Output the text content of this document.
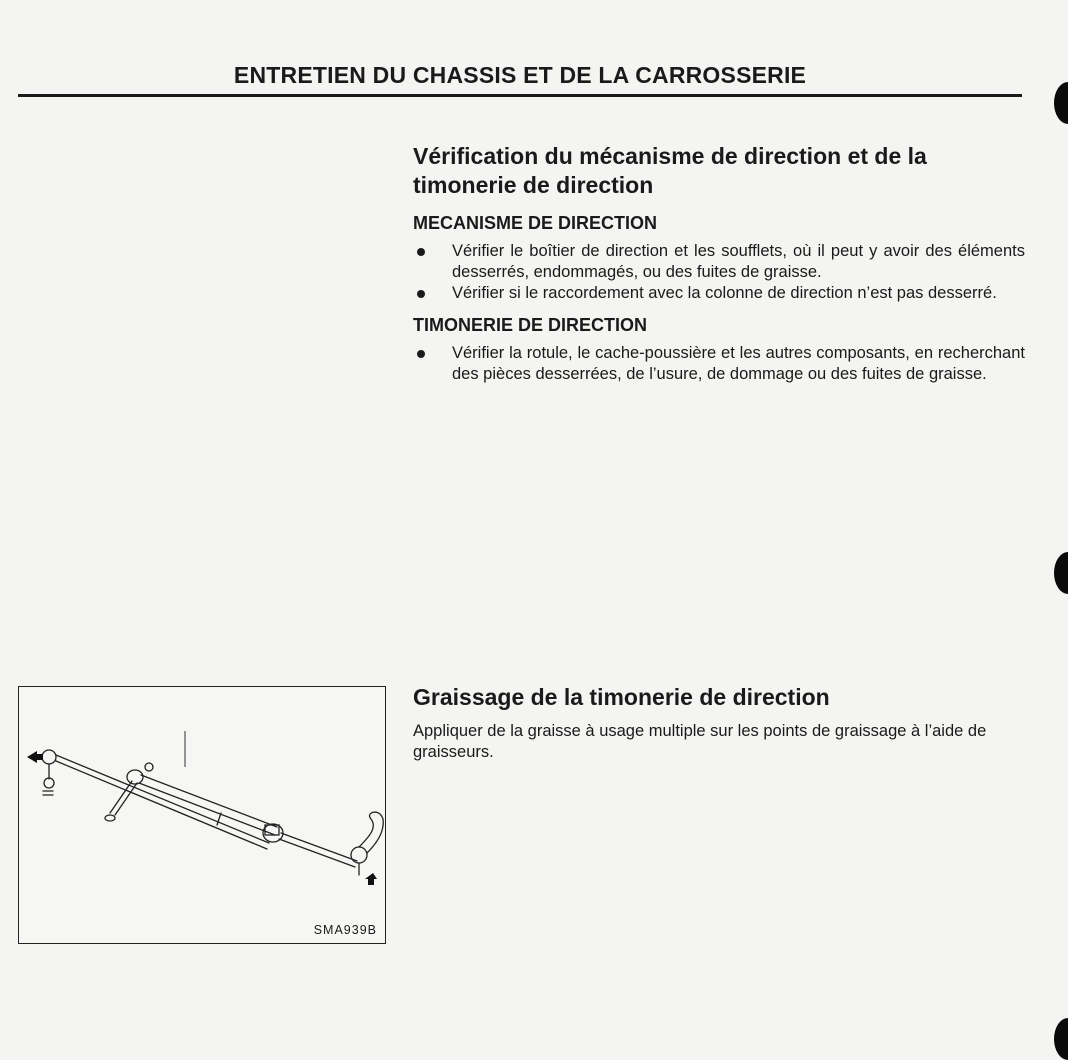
ENTRETIEN DU CHASSIS ET DE LA CARROSSERIE
Vérification du mécanisme de direction et de la timonerie de direction
MECANISME DE DIRECTION
Vérifier le boîtier de direction et les soufflets, où il peut y avoir des éléments desserrés, endommagés, ou des fuites de graisse.
Vérifier si le raccordement avec la colonne de direction n’est pas desserré.
TIMONERIE DE DIRECTION
Vérifier la rotule, le cache-poussière et les autres composants, en recherchant des pièces desserrées, de l’usure, de dommage ou des fuites de graisse.
Graissage de la timonerie de direction

Appliquer de la graisse à usage multiple sur les points de graissage à l’aide de graisseurs.

SMA939B
